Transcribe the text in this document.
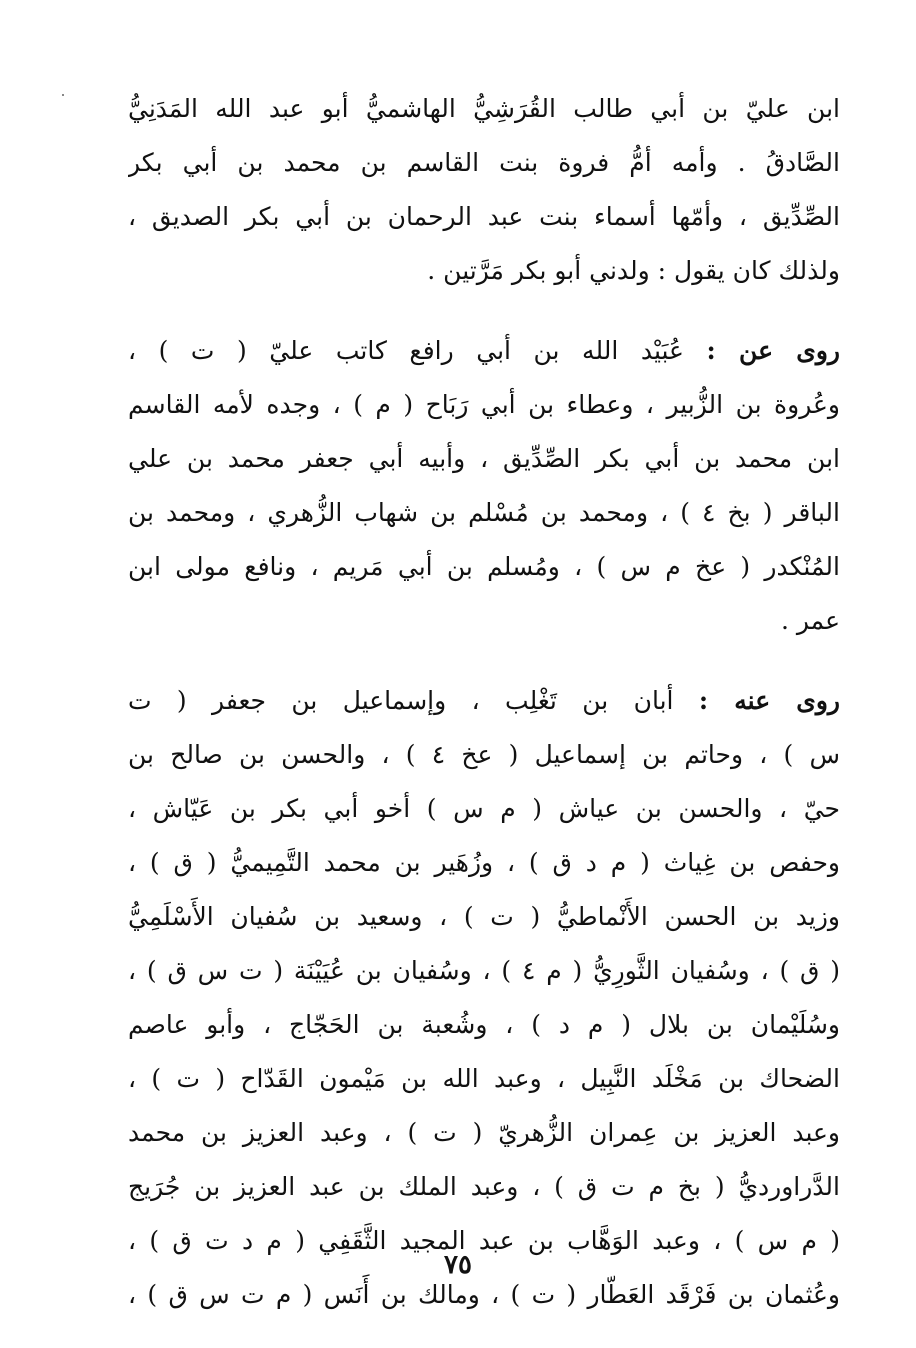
ابن عليّ بن أبي طالب القُرَشِيُّ الهاشميُّ أبو عبد الله المَدَنِيُّ
الصَّادقُ . وأمه أمُّ فروة بنت القاسم بن محمد بن أبي بكر
الصِّدِّيق ، وأمّها أسماء بنت عبد الرحمان بن أبي بكر الصديق ،
ولذلك كان يقول : ولدني أبو بكر مَرَّتين .
روى عن : عُبَيْد الله بن أبي رافع كاتب عليّ ( ت ) ،
وعُروة بن الزُّبير ، وعطاء بن أبي رَبَاح ( م ) ، وجده لأمه القاسم
ابن محمد بن أبي بكر الصِّدِّيق ، وأبيه أبي جعفر محمد بن علي
الباقر ( بخ ٤ ) ، ومحمد بن مُسْلم بن شهاب الزُّهري ، ومحمد بن
المُنْكدر ( عخ م س ) ، ومُسلم بن أبي مَريم ، ونافع مولى ابن
عمر .
روى عنه : أبان بن تَغْلِب ، وإسماعيل بن جعفر ( ت
س ) ، وحاتم بن إسماعيل ( عخ ٤ ) ، والحسن بن صالح بن
حيّ ، والحسن بن عياش ( م س ) أخو أبي بكر بن عَيّاش ،
وحفص بن غِياث ( م د ق ) ، وزُهَير بن محمد التَّمِيميُّ ( ق ) ،
وزيد بن الحسن الأَنْماطيُّ ( ت ) ، وسعيد بن سُفيان الأَسْلَمِيُّ
( ق ) ، وسُفيان الثَّورِيُّ ( م ٤ ) ، وسُفيان بن عُيَيْنَة ( ت س ق ) ،
وسُلَيْمان بن بلال ( م د ) ، وشُعبة بن الحَجّاج ، وأبو عاصم
الضحاك بن مَخْلَد النَّبِيل ، وعبد الله بن مَيْمون القَدّاح ( ت ) ،
وعبد العزيز بن عِمران الزُّهريّ ( ت ) ، وعبد العزيز بن محمد
الدَّراورديُّ ( بخ م ت ق ) ، وعبد الملك بن عبد العزيز بن جُرَيج
( م س ) ، وعبد الوَهَّاب بن عبد المجيد الثَّقَفِي ( م د ت ق ) ،
وعُثمان بن فَرْقَد العَطّار ( ت ) ، ومالك بن أَنَس ( م ت س ق ) ،
٧٥
